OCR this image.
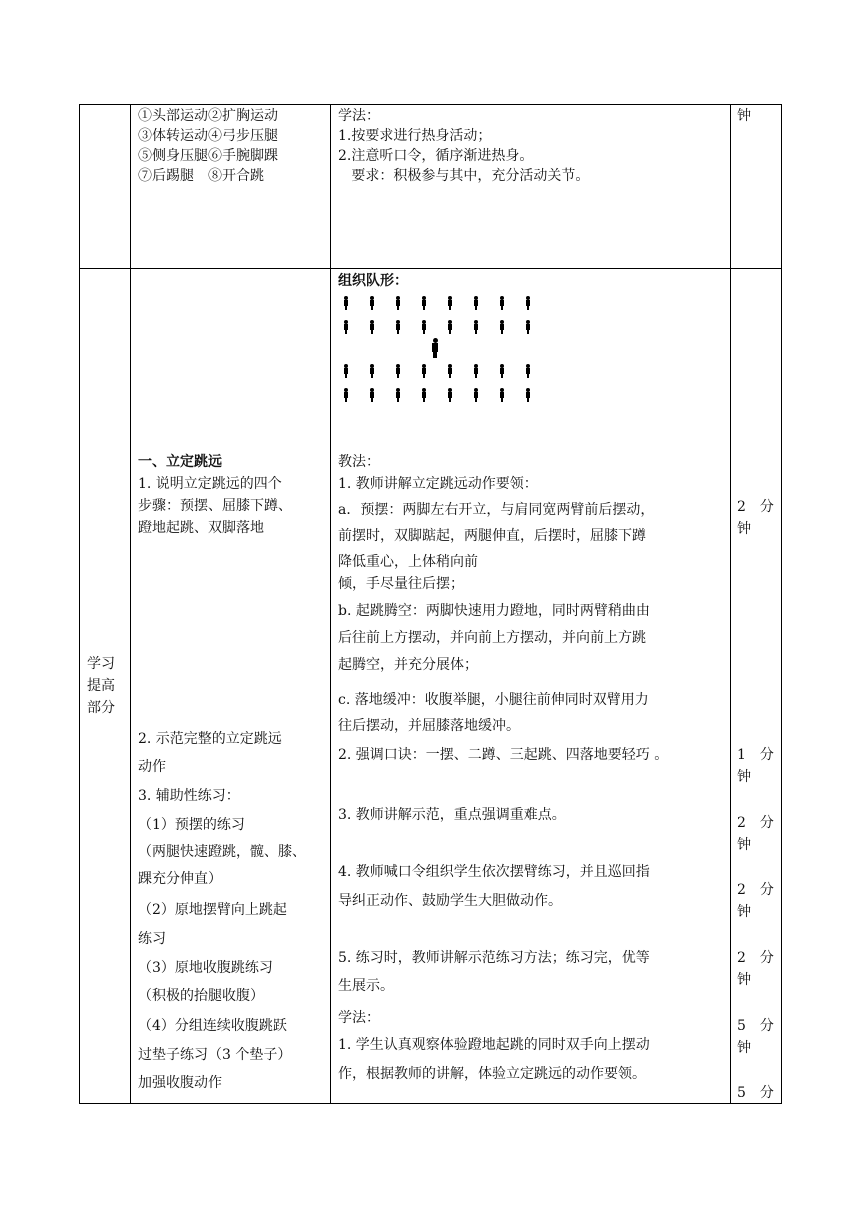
①头部运动②扩胸运动
③体转运动④弓步压腿
⑤侧身压腿⑥手腕脚踝
⑦后踢腿　⑧开合跳
学法：
1.按要求进行热身活动；
2.注意听口令，循序渐进热身。
要求：积极参与其中，充分活动关节。
钟
学习
提高
部分
一、立定跳远
1. 说明立定跳远的四个
步骤：预摆、屈膝下蹲、
蹬地起跳、双脚落地
2. 示范完整的立定跳远
动作
3. 辅助性练习：
（1）预摆的练习
（两腿快速蹬跳，髋、膝、
踝充分伸直）
（2）原地摆臂向上跳起
练习
（3）原地收腹跳练习
（积极的抬腿收腹）
（4）分组连续收腹跳跃
过垫子练习（3 个垫子）
加强收腹动作
组织队形：
教法：
1. 教师讲解立定跳远动作要领：
a．预摆：两脚左右开立，与肩同宽两臂前后摆动，
前摆时，双脚踮起，两腿伸直，后摆时，屈膝下蹲
降低重心，上体稍向前
倾，手尽量往后摆；
b. 起跳腾空：两脚快速用力蹬地，同时两臂稍曲由
后往前上方摆动，并向前上方摆动，并向前上方跳
起腾空，并充分展体；
c. 落地缓冲：收腹举腿，小腿往前伸同时双臂用力
往后摆动，并屈膝落地缓冲。
2. 强调口诀：一摆、二蹲、三起跳、四落地要轻巧 。
3. 教师讲解示范，重点强调重难点。
4. 教师喊口令组织学生依次摆臂练习，并且巡回指
导纠正动作、鼓励学生大胆做动作。
5. 练习时，教师讲解示范练习方法；练习完，优等
生展示。
学法：
1. 学生认真观察体验蹬地起跳的同时双手向上摆动
作，根据教师的讲解，体验立定跳远的动作要领。
2　分
钟
1　分
钟
2　分
钟
2　分
钟
2　分
钟
5　分
钟
5　分
